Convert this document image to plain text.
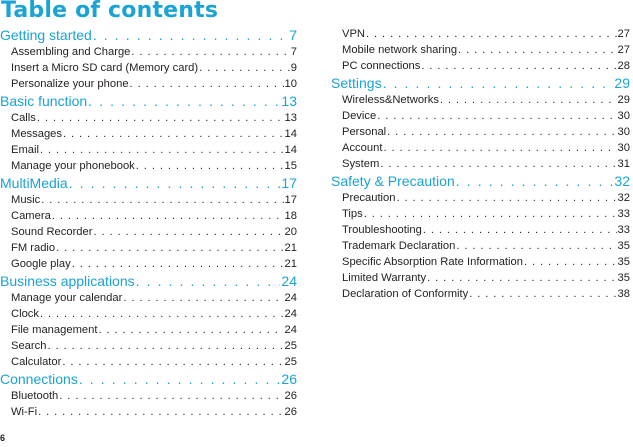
Table of contents
Getting started . . .	7
Assembling and Charge . . .	7
Insert a Micro SD card (Memory card) . . .	9
Personalize your phone . . .	10
Basic function . . .	13
Calls . . .	13
Messages . . .	14
Email . . .	14
Manage your phonebook . . .	15
MultiMedia . . .	17
Music . . .	17
Camera . . .	18
Sound Recorder . . .	20
FM radio . . .	21
Google play . . .	21
Business applications . . .	24
Manage your calendar . . .	24
Clock . . .	24
File management . . .	24
Search . . .	25
Calculator . . .	25
Connections . . .	26
Bluetooth . . .	26
Wi-Fi . . .	26
VPN . . .	27
Mobile network sharing . . .	27
PC connections . . .	28
Settings . . .	29
Wireless&Networks . . .	29
Device . . .	30
Personal . . .	30
Account . . .	30
System . . .	31
Safety & Precaution . . .	32
Precaution . . .	32
Tips . . .	33
Troubleshooting . . .	33
Trademark Declaration . . .	35
Specific Absorption Rate Information . . .	35
Limited Warranty . . .	35
Declaration of Conformity . . .	38
6
